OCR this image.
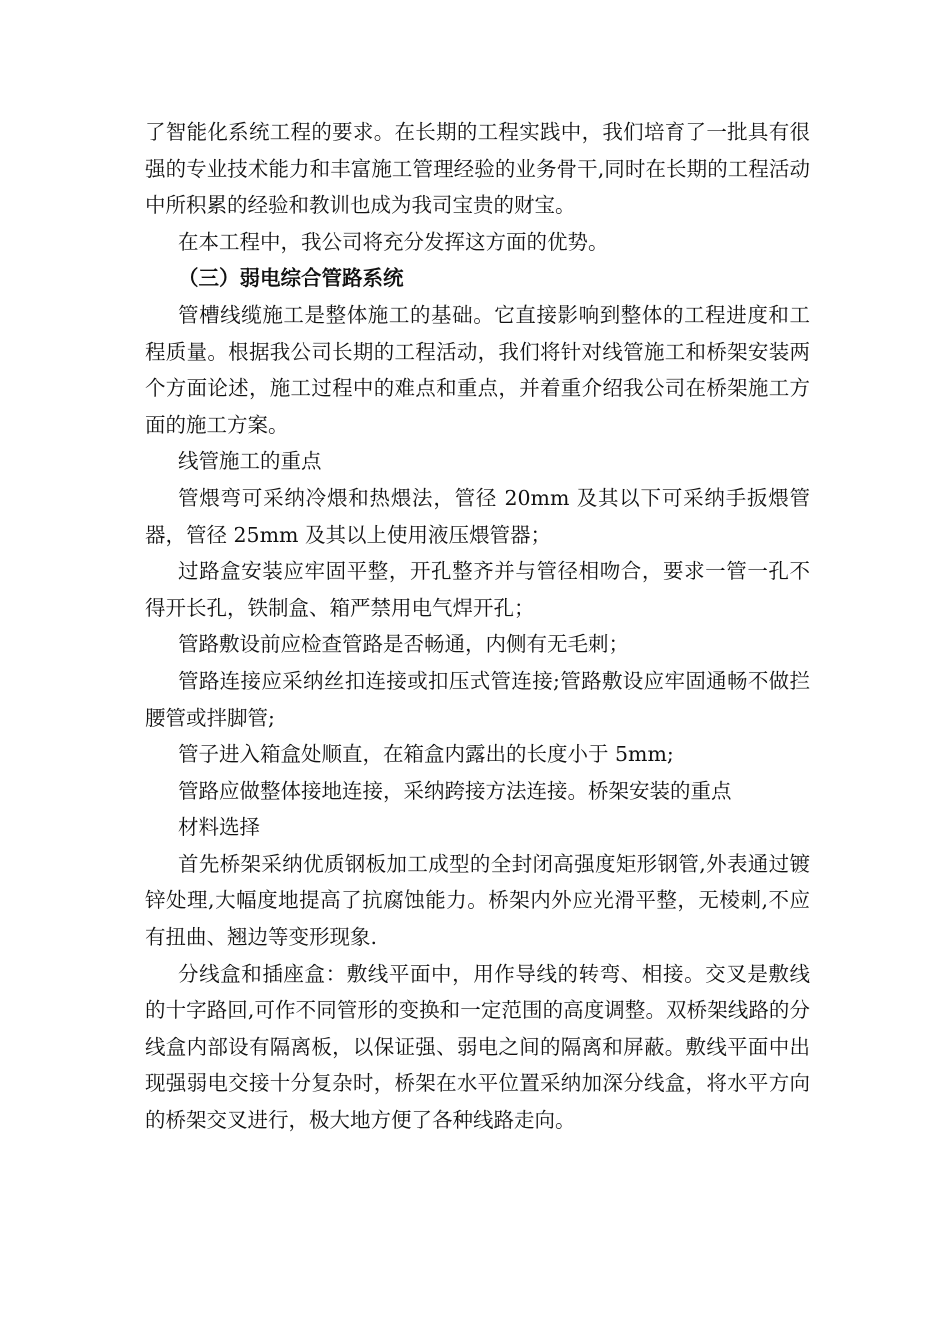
了智能化系统工程的要求。在长期的工程实践中，我们培育了一批具有很强的专业技术能力和丰富施工管理经验的业务骨干,同时在长期的工程活动中所积累的经验和教训也成为我司宝贵的财宝。

在本工程中，我公司将充分发挥这方面的优势。

（三）弱电综合管路系统

管槽线缆施工是整体施工的基础。它直接影响到整体的工程进度和工程质量。根据我公司长期的工程活动，我们将针对线管施工和桥架安装两个方面论述，施工过程中的难点和重点，并着重介绍我公司在桥架施工方面的施工方案。

线管施工的重点

管煨弯可采纳冷煨和热煨法，管径 20mm 及其以下可采纳手扳煨管器，管径 25mm 及其以上使用液压煨管器；

过路盒安装应牢固平整，开孔整齐并与管径相吻合，要求一管一孔不得开长孔，铁制盒、箱严禁用电气焊开孔；

管路敷设前应检查管路是否畅通，内侧有无毛刺；

管路连接应采纳丝扣连接或扣压式管连接;管路敷设应牢固通畅不做拦腰管或拌脚管;

管子进入箱盒处顺直，在箱盒内露出的长度小于 5mm;

管路应做整体接地连接，采纳跨接方法连接。桥架安装的重点

材料选择

首先桥架采纳优质钢板加工成型的全封闭高强度矩形钢管,外表通过镀锌处理,大幅度地提高了抗腐蚀能力。桥架内外应光滑平整，无棱刺,不应有扭曲、翘边等变形现象.

分线盒和插座盒：敷线平面中，用作导线的转弯、相接。交叉是敷线的十字路回,可作不同管形的变换和一定范围的高度调整。双桥架线路的分线盒内部设有隔离板，以保证强、弱电之间的隔离和屏蔽。敷线平面中出现强弱电交接十分复杂时，桥架在水平位置采纳加深分线盒，将水平方向的桥架交叉进行，极大地方便了各种线路走向。
